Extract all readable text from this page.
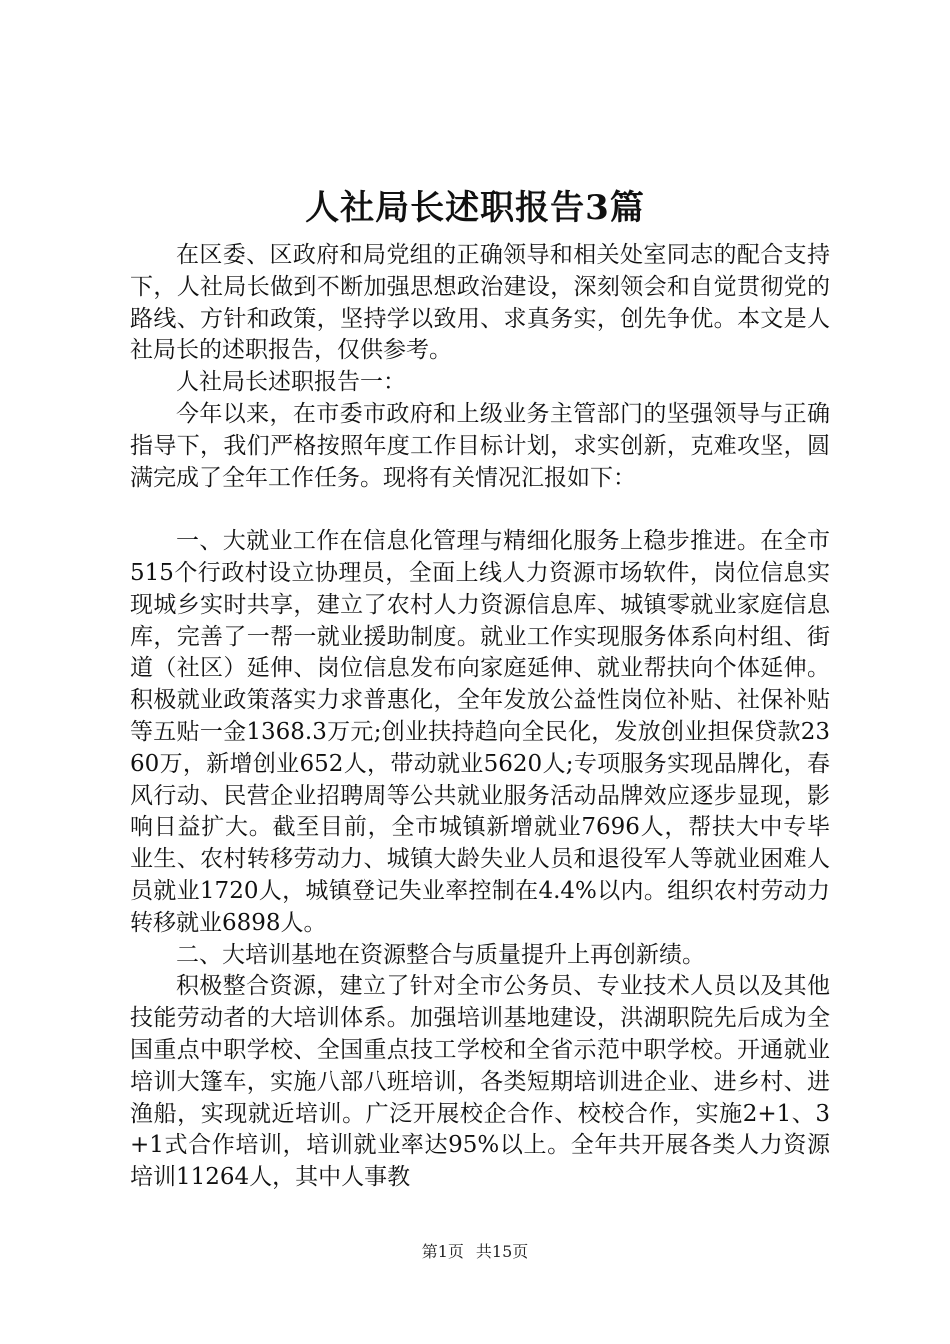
人社局长述职报告3篇

在区委、区政府和局党组的正确领导和相关处室同志的配合支持下，人社局长做到不断加强思想政治建设，深刻领会和自觉贯彻党的路线、方针和政策，坚持学以致用、求真务实，创先争优。本文是人社局长的述职报告，仅供参考。

人社局长述职报告一：

今年以来，在市委市政府和上级业务主管部门的坚强领导与正确指导下，我们严格按照年度工作目标计划，求实创新，克难攻坚，圆满完成了全年工作任务。现将有关情况汇报如下：

一、大就业工作在信息化管理与精细化服务上稳步推进。在全市515个行政村设立协理员，全面上线人力资源市场软件，岗位信息实现城乡实时共享，建立了农村人力资源信息库、城镇零就业家庭信息库，完善了一帮一就业援助制度。就业工作实现服务体系向村组、街道（社区）延伸、岗位信息发布向家庭延伸、就业帮扶向个体延伸。积极就业政策落实力求普惠化，全年发放公益性岗位补贴、社保补贴等五贴一金1368.3万元;创业扶持趋向全民化，发放创业担保贷款2360万，新增创业652人，带动就业5620人;专项服务实现品牌化，春风行动、民营企业招聘周等公共就业服务活动品牌效应逐步显现，影响日益扩大。截至目前，全市城镇新增就业7696人，帮扶大中专毕业生、农村转移劳动力、城镇大龄失业人员和退役军人等就业困难人员就业1720人，城镇登记失业率控制在4.4%以内。组织农村劳动力转移就业6898人。

二、大培训基地在资源整合与质量提升上再创新绩。

积极整合资源，建立了针对全市公务员、专业技术人员以及其他技能劳动者的大培训体系。加强培训基地建设，洪湖职院先后成为全国重点中职学校、全国重点技工学校和全省示范中职学校。开通就业培训大篷车，实施八部八班培训，各类短期培训进企业、进乡村、进渔船，实现就近培训。广泛开展校企合作、校校合作，实施2+1、3+1式合作培训，培训就业率达95%以上。全年共开展各类人力资源培训11264人，其中人事教

第1页 共15页
